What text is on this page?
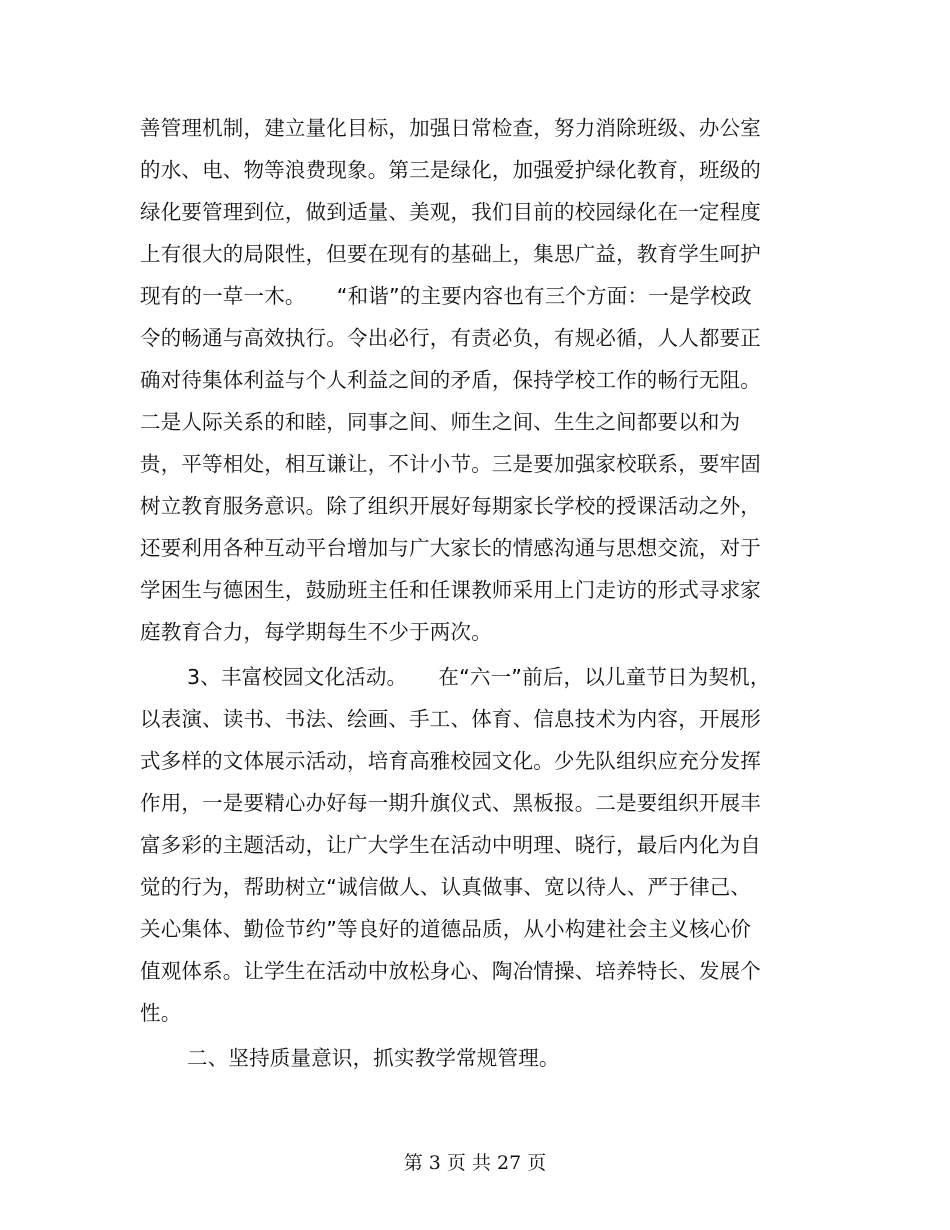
善管理机制，建立量化目标，加强日常检查，努力消除班级、办公室
的水、电、物等浪费现象。第三是绿化，加强爱护绿化教育，班级的
绿化要管理到位，做到适量、美观，我们目前的校园绿化在一定程度
上有很大的局限性，但要在现有的基础上，集思广益，教育学生呵护
现有的一草一木。　　“和谐”的主要内容也有三个方面：一是学校政
令的畅通与高效执行。令出必行，有责必负，有规必循，人人都要正
确对待集体利益与个人利益之间的矛盾，保持学校工作的畅行无阻。
二是人际关系的和睦，同事之间、师生之间、生生之间都要以和为
贵，平等相处，相互谦让，不计小节。三是要加强家校联系，要牢固
树立教育服务意识。除了组织开展好每期家长学校的授课活动之外，
还要利用各种互动平台增加与广大家长的情感沟通与思想交流，对于
学困生与德困生，鼓励班主任和任课教师采用上门走访的形式寻求家
庭教育合力，每学期每生不少于两次。
3、丰富校园文化活动。　　在“六一”前后，以儿童节日为契机，
以表演、读书、书法、绘画、手工、体育、信息技术为内容，开展形
式多样的文体展示活动，培育高雅校园文化。少先队组织应充分发挥
作用，一是要精心办好每一期升旗仪式、黑板报。二是要组织开展丰
富多彩的主题活动，让广大学生在活动中明理、晓行，最后内化为自
觉的行为，帮助树立“诚信做人、认真做事、宽以待人、严于律己、
关心集体、勤俭节约”等良好的道德品质，从小构建社会主义核心价
值观体系。让学生在活动中放松身心、陶冶情操、培养特长、发展个
性。
二、坚持质量意识，抓实教学常规管理。
第 3 页 共 27 页
